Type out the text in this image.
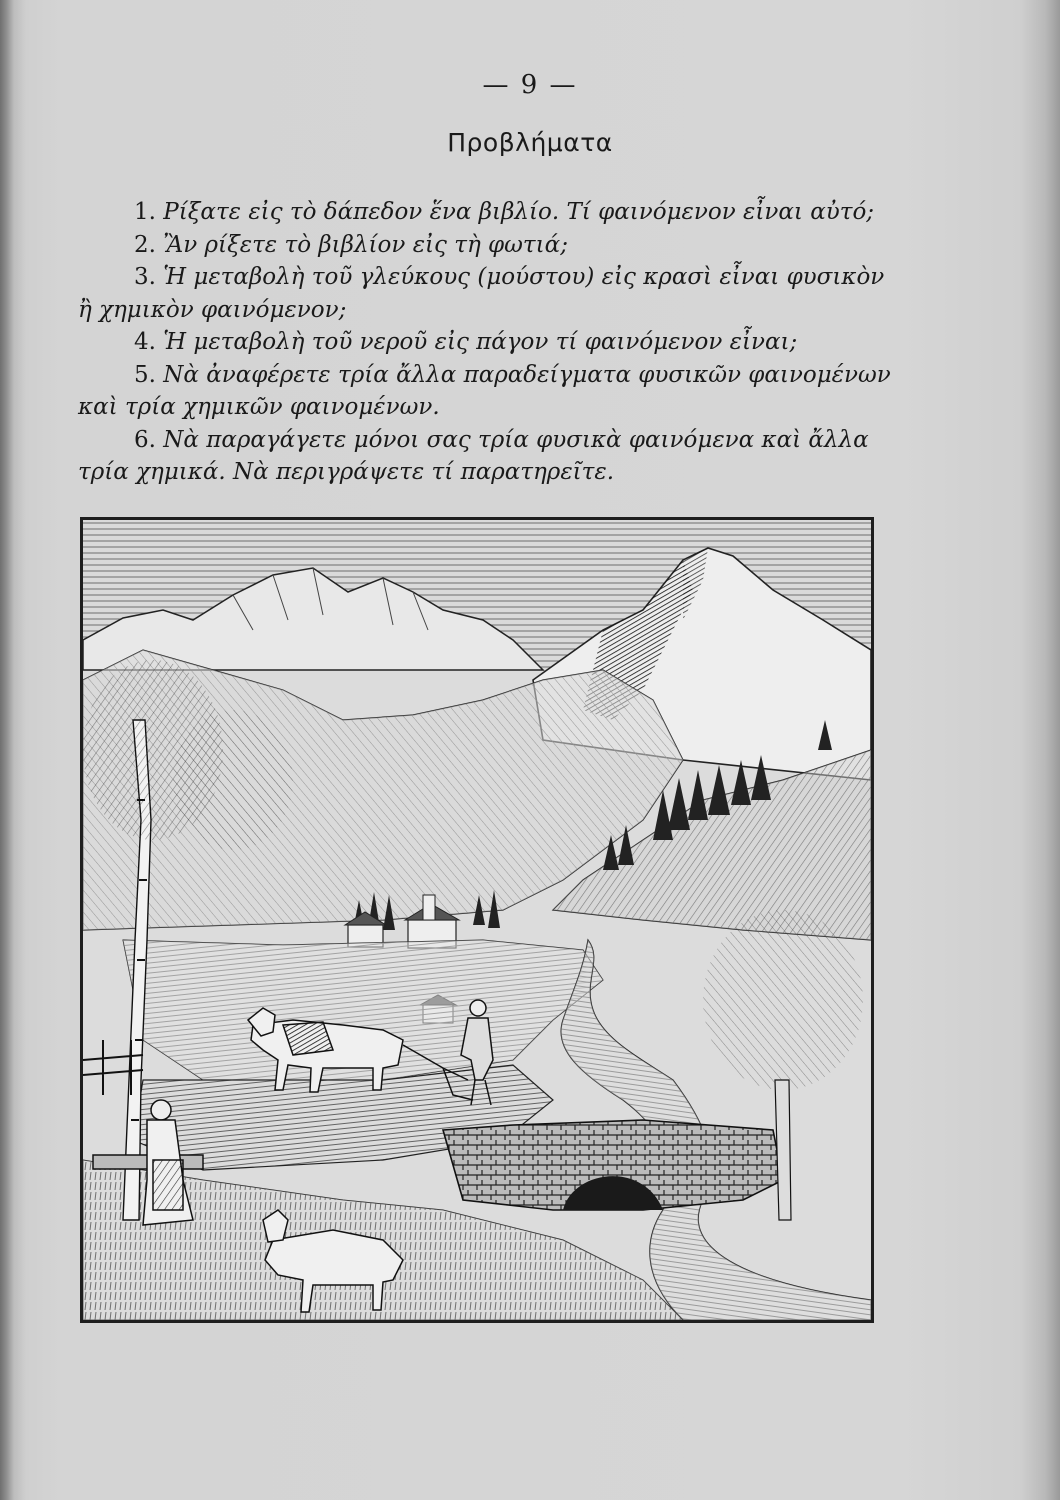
— 9 —
Προβλήματα

1. Ρίξατε εἰς τὸ δάπεδον ἕνα βιβλίο. Τί φαινόμενον εἶναι αὐτό;

2. Ἂν ρίξετε τὸ βιβλίον εἰς τὴ φωτιά;

3. Ἡ μεταβολὴ τοῦ γλεύκους (μούστου) εἰς κρασὶ εἶναι φυσικὸν ἢ χημικὸν φαινόμενον;

4. Ἡ μεταβολὴ τοῦ νεροῦ εἰς πάγον τί φαινόμενον εἶναι;

5. Νὰ ἀναφέρετε τρία ἄλλα παραδείγματα φυσικῶν φαινομένων καὶ τρία χημικῶν φαινομένων.

6. Νὰ παραγάγετε μόνοι σας τρία φυσικὰ φαινόμενα καὶ ἄλλα τρία χημικά. Νὰ περιγράψετε τί παρατηρεῖτε.
